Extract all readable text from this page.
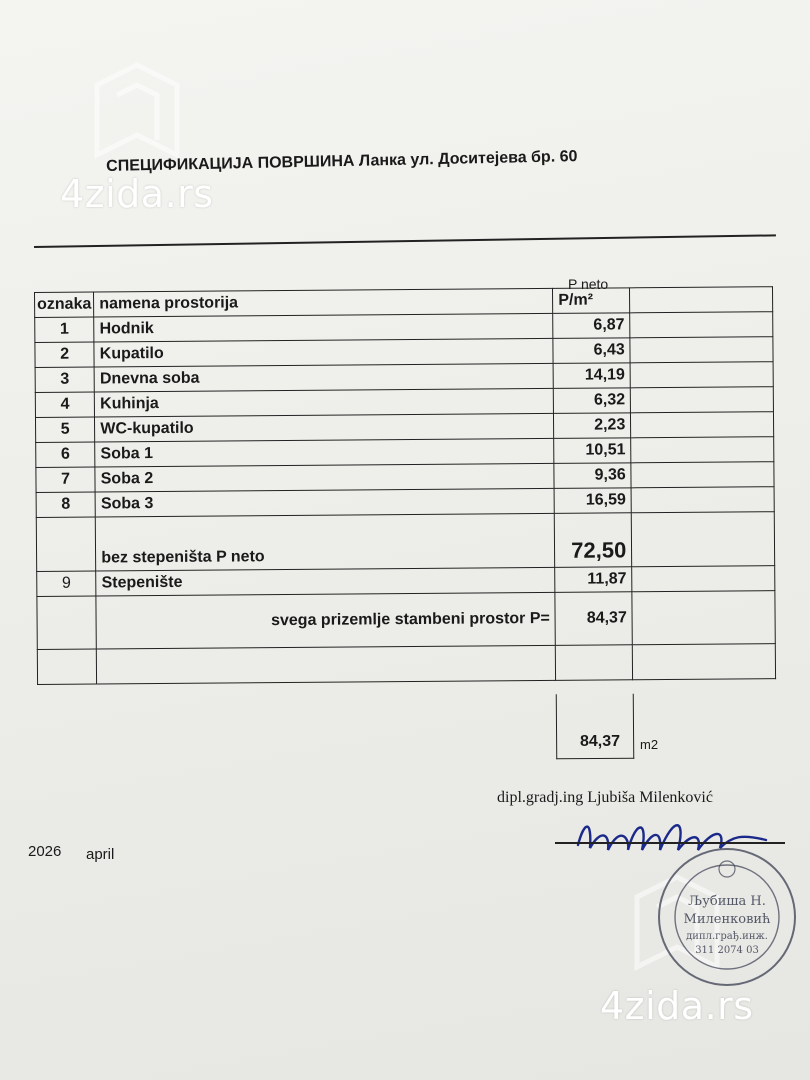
4zida.rs
4zida.rs
СПЕЦИФИКАЦИЈА ПОВРШИНА Ланка ул. Доситејева бр. 60
P neto
oznaka	namena prostorija	P/m²	
1	Hodnik	6,87	
2	Kupatilo	6,43	
3	Dnevna soba	14,19	
4	Kuhinja	6,32	
5	WC-kupatilo	2,23	
6	Soba 1	10,51	
7	Soba 2	9,36	
8	Soba 3	16,59	
	bez stepeništa P neto	72,50	
9	Stepenište	11,87	
	svega prizemlje stambeni prostor P=	84,37	

84,37 m2
dipl.gradj.ing Ljubiša Milenković
2026 april
Љубиша Н.
Миленковић
дипл.грађ.инж.
311 2074 03
